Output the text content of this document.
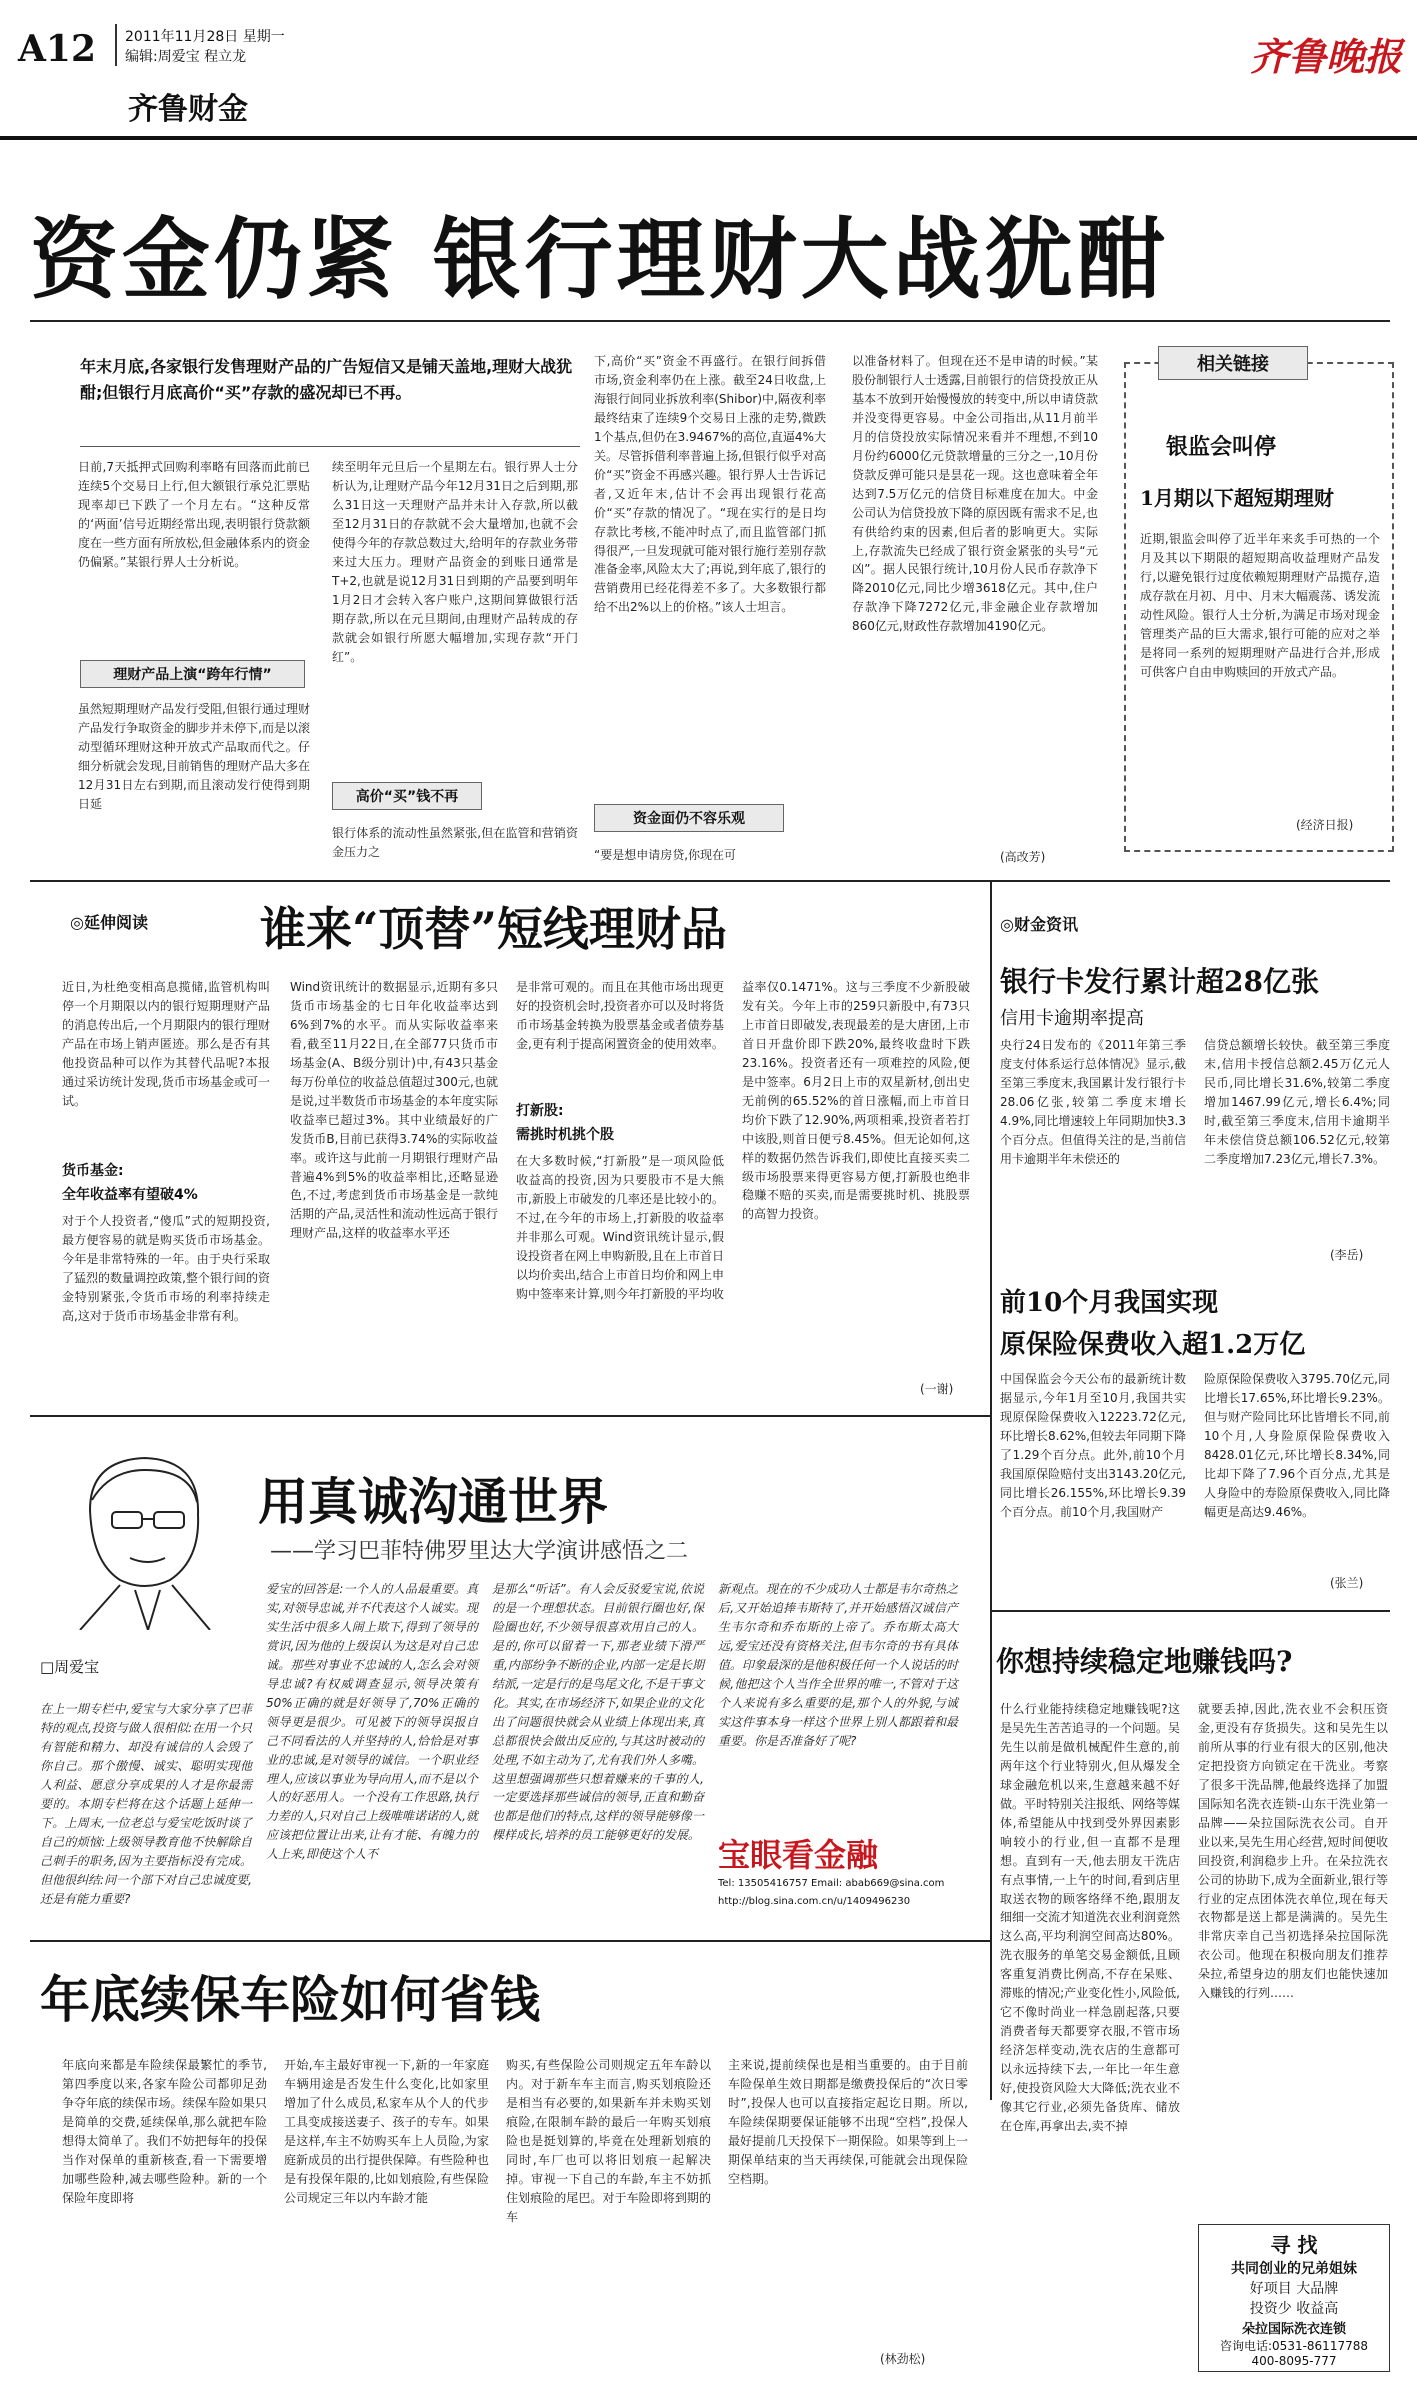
A12 2011年11月28日 星期一
编辑:周爱宝 程立龙
齐鲁财金
齐鲁晚报
资金仍紧 银行理财大战犹酣
年末月底,各家银行发售理财产品的广告短信又是铺天盖地,理财大战犹酣;但银行月底高价“买”存款的盛况却已不再。
日前,7天抵押式回购利率略有回落而此前已连续5个交易日上行,但大额银行承兑汇票贴现率却已下跌了一个月左右。“这种反常的‘两面’信号近期经常出现,表明银行贷款额度在一些方面有所放松,但金融体系内的资金仍偏紧。”某银行界人士分析说。
理财产品上演“跨年行情”
虽然短期理财产品发行受阻,但银行通过理财产品发行争取资金的脚步并未停下,而是以滚动型循环理财这种开放式产品取而代之。仔细分析就会发现,目前销售的理财产品大多在12月31日左右到期,而且滚动发行使得到期日延
续至明年元旦后一个星期左右。银行界人士分析认为,让理财产品今年12月31日之后到期,那么31日这一天理财产品并未计入存款,所以截至12月31日的存款就不会大量增加,也就不会使得今年的存款总数过大,给明年的存款业务带来过大压力。理财产品资金的到账日通常是T+2,也就是说12月31日到期的产品要到明年1月2日才会转入客户账户,这期间算做银行活期存款,所以在元旦期间,由理财产品转成的存款就会如银行所愿大幅增加,实现存款“开门红”。
高价“买”钱不再
银行体系的流动性虽然紧张,但在监管和营销资金压力之
下,高价“买”资金不再盛行。在银行间拆借市场,资金利率仍在上涨。截至24日收盘,上海银行间同业拆放利率(Shibor)中,隔夜利率最终结束了连续9个交易日上涨的走势,微跌1个基点,但仍在3.9467%的高位,直逼4%大关。尽管拆借利率普遍上扬,但银行似乎对高价“买”资金不再感兴趣。银行界人士告诉记者,又近年末,估计不会再出现银行花高价“买”存款的情况了。“现在实行的是日均存款比考核,不能冲时点了,而且监管部门抓得很严,一旦发现就可能对银行施行差别存款准备金率,风险太大了;再说,到年底了,银行的营销费用已经花得差不多了。大多数银行都给不出2%以上的价格。”该人士坦言。
资金面仍不容乐观
“要是想申请房贷,你现在可
以准备材料了。但现在还不是申请的时候。”某股份制银行人士透露,目前银行的信贷投放正从基本不放到开始慢慢放的转变中,所以申请贷款并没变得更容易。中金公司指出,从11月前半月的信贷投放实际情况来看并不理想,不到10月份约6000亿元贷款增量的三分之一,10月份贷款反弹可能只是昙花一现。这也意味着全年达到7.5万亿元的信贷目标难度在加大。中金公司认为信贷投放下降的原因既有需求不足,也有供给约束的因素,但后者的影响更大。实际上,存款流失已经成了银行资金紧张的头号“元凶”。据人民银行统计,10月份人民币存款净下降2010亿元,同比少增3618亿元。其中,住户存款净下降7272亿元,非金融企业存款增加860亿元,财政性存款增加4190亿元。
(高改芳)
相关链接
银监会叫停
1月期以下超短期理财
近期,银监会叫停了近半年来炙手可热的一个月及其以下期限的超短期高收益理财产品发行,以避免银行过度依赖短期理财产品揽存,造成存款在月初、月中、月末大幅震荡、诱发流动性风险。银行人士分析,为满足市场对现金管理类产品的巨大需求,银行可能的应对之举是将同一系列的短期理财产品进行合并,形成可供客户自由申购赎回的开放式产品。
(经济日报)
◎延伸阅读 谁来“顶替”短线理财品
近日,为杜绝变相高息揽储,监管机构叫停一个月期限以内的银行短期理财产品的消息传出后,一个月期限内的银行理财产品在市场上销声匿迹。那么是否有其他投资品种可以作为其替代品呢?本报通过采访统计发现,货币市场基金或可一试。
货币基金:
全年收益率有望破4%
对于个人投资者,“傻瓜”式的短期投资,最方便容易的就是购买货币市场基金。今年是非常特殊的一年。由于央行采取了猛烈的数量调控政策,整个银行间的资金特别紧张,令货币市场的利率持续走高,这对于货币市场基金非常有利。
Wind资讯统计的数据显示,近期有多只货币市场基金的七日年化收益率达到6%到7%的水平。而从实际收益率来看,截至11月22日,在全部77只货币市场基金(A、B级分别计)中,有43只基金每万份单位的收益总值超过300元,也就是说,过半数货币市场基金的本年度实际收益率已超过3%。其中业绩最好的广发货币B,目前已获得3.74%的实际收益率。或许这与此前一月期银行理财产品普遍4%到5%的收益率相比,还略显逊色,不过,考虑到货币市场基金是一款纯活期的产品,灵活性和流动性远高于银行理财产品,这样的收益率水平还
是非常可观的。而且在其他市场出现更好的投资机会时,投资者亦可以及时将货币市场基金转换为股票基金或者债券基金,更有利于提高闲置资金的使用效率。
打新股:
需挑时机挑个股
在大多数时候,“打新股”是一项风险低收益高的投资,因为只要股市不是大熊市,新股上市破发的几率还是比较小的。不过,在今年的市场上,打新股的收益率并非那么可观。Wind资讯统计显示,假设投资者在网上申购新股,且在上市首日以均价卖出,结合上市首日均价和网上申购中签率来计算,则今年打新股的平均收
益率仅0.1471%。这与三季度不少新股破发有关。今年上市的259只新股中,有73只上市首日即破发,表现最差的是大唐团,上市首日开盘价即下跌20%,最终收盘时下跌23.16%。投资者还有一项难控的风险,便是中签率。6月2日上市的双星新材,创出史无前例的65.52%的首日涨幅,而上市首日均价下跌了12.90%,两项相乘,投资者若打中该股,则首日便亏8.45%。但无论如何,这样的数据仍然告诉我们,即使比直接买卖二级市场股票来得更容易方便,打新股也绝非稳赚不赔的买卖,而是需要挑时机、挑股票的高智力投资。
(一谢)
◎财金资讯
银行卡发行累计超28亿张
信用卡逾期率提高
央行24日发布的《2011年第三季度支付体系运行总体情况》显示,截至第三季度末,我国累计发行银行卡28.06亿张,较第二季度末增长4.9%,同比增速较上年同期加快3.3个百分点。但值得关注的是,当前信用卡逾期半年未偿还的
信贷总额增长较快。截至第三季度末,信用卡授信总额2.45万亿元人民币,同比增长31.6%,较第二季度增加1467.99亿元,增长6.4%;同时,截至第三季度末,信用卡逾期半年未偿信贷总额106.52亿元,较第二季度增加7.23亿元,增长7.3%。
(李岳)
前10个月我国实现
原保险保费收入超1.2万亿
中国保监会今天公布的最新统计数据显示,今年1月至10月,我国共实现原保险保费收入12223.72亿元,环比增长8.62%,但较去年同期下降了1.29个百分点。此外,前10个月我国原保险赔付支出3143.20亿元,同比增长26.155%,环比增长9.39个百分点。前10个月,我国财产
险原保险保费收入3795.70亿元,同比增长17.65%,环比增长9.23%。但与财产险同比环比皆增长不同,前10个月,人身险原保险保费收入8428.01亿元,环比增长8.34%,同比却下降了7.96个百分点,尤其是人身险中的寿险原保费收入,同比降幅更是高达9.46%。
(张兰)
□周爱宝
用真诚沟通世界
——学习巴菲特佛罗里达大学演讲感悟之二
在上一期专栏中,爱宝与大家分享了巴菲特的观点,投资与做人很相似:在用一个只有智能和精力、却没有诚信的人会毁了你自己。那个傲慢、诚实、聪明实现他人利益、愿意分享成果的人才是你最需要的。本期专栏将在这个话题上延伸一下。上周末,一位老总与爱宝吃饭时谈了自己的烦恼:上级领导教育他不快解除自己刺手的职务,因为主要指标没有完成。但他很纠结:问一个部下对自己忠诚度要,还是有能力重要?
爱宝的回答是:一个人的人品最重要。真实,对领导忠诚,并不代表这个人诚实。现实生活中很多人闹上欺下,得到了领导的赏识,因为他的上级误认为这是对自己忠诚。那些对事业不忠诚的人,怎么会对领导忠诚?有权威调查显示,领导决策有50%正确的就是好领导了,70%正确的领导更是很少。可见被下的领导误报自己不同看法的人并坚持的人,恰恰是对事业的忠诚,是对领导的诚信。一个职业经理人,应该以事业为导向用人,而不是以个人的好恶用人。一个没有工作思路,执行力差的人,只对自己上级唯唯诺诺的人,就应该把位置让出来,让有才能、有魄力的人上来,即使这个人不
是那么“听话”。有人会反驳爱宝说,依说的是一个理想状态。目前银行圈也好,保险圈也好,不少领导很喜欢用自己的人。是的,你可以留着一下,那老业绩下滑严重,内部纷争不断的企业,内部一定是长期结派,一定是行的是鸟尾文化,不是干事文化。其实,在市场经济下,如果企业的文化出了问题很快就会从业绩上体现出来,真总都很快会做出反应的,与其这时被动的处理,不如主动为了,尤有我们外人多嘴。这里想强调那些只想着赚来的千事的人,一定要选择那些诚信的领导,正直和勤奋也都是他们的特点,这样的领导能够像一棵样成长,培养的员工能够更好的发展。
新观点。现在的不少成功人士都是韦尔奇热之后,又开始追捧韦斯特了,并开始感悟汉诚信产生韦尔奇和乔布斯的上帝了。乔布斯太高大远,爱宝还没有资格关注,但韦尔奇的书有具体值。印象最深的是他积极任何一个人说话的时候,他把这个人当作全世界的唯一,不管对于这个人来说有多么重要的是,那个人的外貌,与诚实这件事本身一样这个世界上别人都跟着和最重要。你是否准备好了呢?
宝眼看金融
Tel: 13505416757 Email: abab669@sina.com
http://blog.sina.com.cn/u/1409496230
你想持续稳定地赚钱吗?
什么行业能持续稳定地赚钱呢?这是吴先生苦苦追寻的一个问题。吴先生以前是做机械配件生意的,前两年这个行业特别火,但从爆发全球金融危机以来,生意越来越不好做。平时特别关注报纸、网络等媒体,希望能从中找到受外界因素影响较小的行业,但一直都不是理想。直到有一天,他去朋友干洗店有点事情,一上午的时间,看到店里取送衣物的顾客络绎不绝,跟朋友细细一交流才知道洗衣业利润竟然这么高,平均利润空间高达80%。洗衣服务的单笔交易金额低,且顾客重复消费比例高,不存在呆账、滞账的情况;产业变化性小,风险低,它不像时尚业一样急剧起落,只要消费者每天都要穿衣服,不管市场经济怎样变动,洗衣店的生意都可以永远持续下去,一年比一年生意好,使投资风险大大降低;洗衣业不像其它行业,必须先备货库、储放在仓库,再拿出去,卖不掉
就要丢掉,因此,洗衣业不会积压资金,更没有存货损失。这和吴先生以前所从事的行业有很大的区别,他决定把投资方向锁定在干洗业。考察了很多干洗品牌,他最终选择了加盟国际知名洗衣连锁-山东干洗业第一品牌——朵拉国际洗衣公司。自开业以来,吴先生用心经营,短时间便收回投资,利润稳步上升。在朵拉洗衣公司的协助下,成为全面新业,银行等行业的定点团体洗衣单位,现在每天衣物都是送上都是满满的。吴先生非常庆幸自己当初选择朵拉国际洗衣公司。他现在积极向朋友们推荐朵拉,希望身边的朋友们也能快速加入赚钱的行列……
寻 找
共同创业的兄弟姐妹
好项目 大品牌
投资少 收益高
朵拉国际洗衣连锁
咨询电话:0531-86117788
400-8095-777
年底续保车险如何省钱
年底向来都是车险续保最繁忙的季节,第四季度以来,各家车险公司都卯足劲争夺年底的续保市场。续保车险如果只是简单的交费,延续保单,那么就把车险想得太简单了。我们不妨把每年的投保当作对保单的重新核查,看一下需要增加哪些险种,减去哪些险种。新的一个保险年度即将
开始,车主最好审视一下,新的一年家庭车辆用途是否发生什么变化,比如家里增加了什么成员,私家车从个人的代步工具变成接送妻子、孩子的专车。如果是这样,车主不妨购买车上人员险,为家庭新成员的出行提供保障。有些险种也是有投保年限的,比如划痕险,有些保险公司规定三年以内车龄才能
购买,有些保险公司则规定五年车龄以内。对于新车车主而言,购买划痕险还是相当有必要的,如果新车并未购买划痕险,在限制车龄的最后一年购买划痕险也是挺划算的,毕竟在处理新划痕的同时,车厂也可以将旧划痕一起解决掉。审视一下自己的车龄,车主不妨抓住划痕险的尾巴。对于车险即将到期的车
主来说,提前续保也是相当重要的。由于目前车险保单生效日期都是缴费投保后的“次日零时”,投保人也可以直接指定起讫日期。所以,车险续保期要保证能够不出现“空档”,投保人最好提前几天投保下一期保险。如果等到上一期保单结束的当天再续保,可能就会出现保险空档期。
(林劲松)
